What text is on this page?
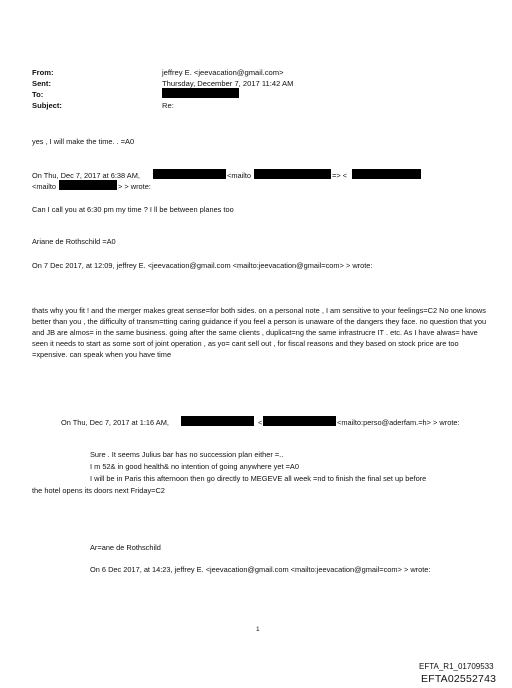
From:	jeffrey E. <jeevacation@gmail.com>
Sent:	Thursday, December 7, 2017 11:42 AM
To:
Subject:	Re:
yes , I will make the time. . =A0
On Thu, Dec 7, 2017 at 6:38 AM,	<mailto	=> <
<mailto	> > wrote:
Can I call you at 6:30 pm my time ? I ll be between planes too
Ariane de Rothschild =A0
On 7 Dec 2017, at 12:09, jeffrey E. <jeevacation@gmail.com <mailto:jeevacation@gmail=com> > wrote:
thats why you fit ! and the merger makes great sense=for both sides. on a personal note , I am sensitive to your feelings=C2 No one knows better than you , the difficulty of transm=tting caring guidance if you feel a person is unaware of the dangers they face. no question that you and JB are almos= in the same business. going after the same clients , duplicat=ng the same infrastrucre IT . etc. As I have alwas= have seen it needs to start as some sort of joint operation , as yo= cant sell out , for fiscal reasons and they based on stock price are too =xpensive. can speak when you have time
On Thu, Dec 7, 2017 at 1:16 AM,	<	<mailto:perso@aderfam.=h> > wrote:
Sure . It seems Julius bar has no succession plan either =..
I m 52& in good health& no intention of going anywhere yet =A0
I will be in Paris this afternoon then go directly to MEGEVE all week =nd to finish the final set up before
the hotel opens its doors next Friday=C2
Ar=ane de Rothschild
On 6 Dec 2017, at 14:23, jeffrey E. <jeevacation@gmail.com <mailto:jeevacation@gmail=com> > wrote:
1
EFTA_R1_01709533
EFTA02552743
